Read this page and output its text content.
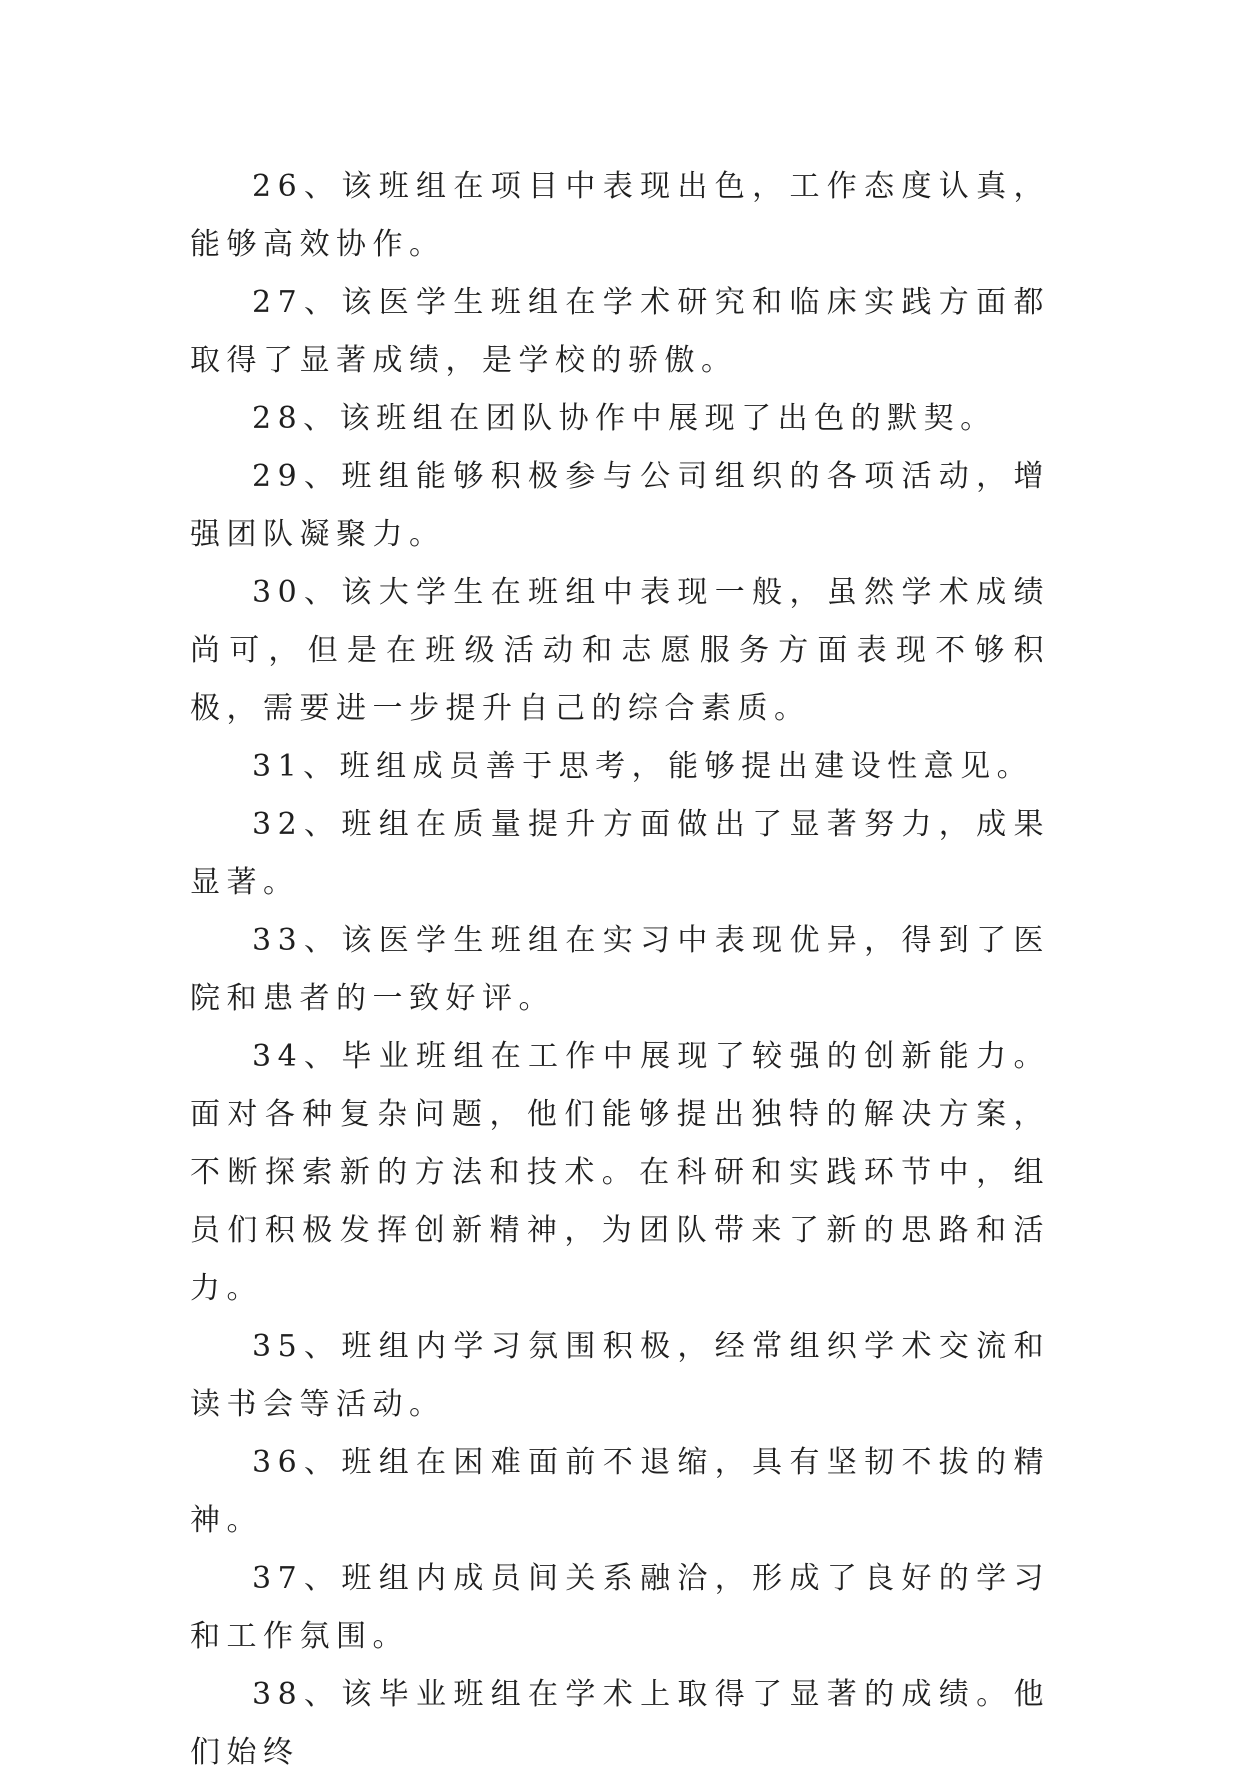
26、该班组在项目中表现出色，工作态度认真，能够高效协作。

27、该医学生班组在学术研究和临床实践方面都取得了显著成绩，是学校的骄傲。

28、该班组在团队协作中展现了出色的默契。

29、班组能够积极参与公司组织的各项活动，增强团队凝聚力。

30、该大学生在班组中表现一般，虽然学术成绩尚可，但是在班级活动和志愿服务方面表现不够积极，需要进一步提升自己的综合素质。

31、班组成员善于思考，能够提出建设性意见。

32、班组在质量提升方面做出了显著努力，成果显著。

33、该医学生班组在实习中表现优异，得到了医院和患者的一致好评。

34、毕业班组在工作中展现了较强的创新能力。面对各种复杂问题，他们能够提出独特的解决方案，不断探索新的方法和技术。在科研和实践环节中，组员们积极发挥创新精神，为团队带来了新的思路和活力。

35、班组内学习氛围积极，经常组织学术交流和读书会等活动。

36、班组在困难面前不退缩，具有坚韧不拔的精神。

37、班组内成员间关系融洽，形成了良好的学习和工作氛围。

38、该毕业班组在学术上取得了显著的成绩。他们始终
